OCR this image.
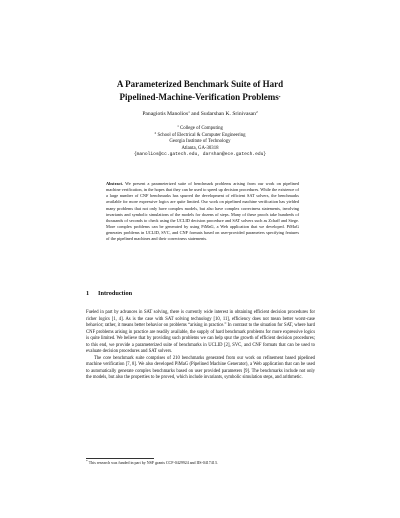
A Parameterized Benchmark Suite of Hard
Pipelined-Machine-Verification Problems*
Panagiotis Manolios$^1$ and Sudarshan K. Srinivasan$^2$
$^1$ College of Computing
$^2$ School of Electrical & Computer Engineering
Georgia Institute of Technology
Atlanta, GA-30318
{manolios@cc.gatech.edu, darshan@ece.gatech.edu}
Abstract. We present a parameterized suite of benchmark problems arising from our work on pipelined machine verification, in the hopes that they can be used to speed up decision procedures. While the existence of a large number of CNF benchmarks has spurred the development of efficient SAT solvers, the benchmarks available for more expressive logics are quite limited. Our work on pipelined machine verification has yielded many problems that not only have complex models, but also have complex correctness statements, involving invariants and symbolic simulations of the models for dozens of steps. Many of these proofs take hundreds of thousands of seconds to check using the UCLID decision procedure and SAT solvers such as Zchaff and Siege. More complex problems can be generated by using PiMaG, a Web application that we developed. PiMaG generates problems in UCLID, SVC, and CNF formats based on user-provided parameters specifying features of the pipelined machines and their correctness statements.
1 Introduction

Fueled in part by advances in SAT solving, there is currently wide interest in obtaining efficient decision procedures for richer logics [1, 4]. As is the case with SAT solving technology [10, 11], efficiency does not mean better worst-case behavior; rather, it means better behavior on problems “arising in practice.” In contrast to the situation for SAT, where hard CNF problems arising in practice are readily available, the supply of hard benchmark problems for more expressive logics is quite limited. We believe that by providing such problems we can help spur the growth of efficient decision procedures; to this end, we provide a parameterized suite of benchmarks in UCLID [2], SVC, and CNF formats that can be used to evaluate decision procedures and SAT solvers.

The core benchmark suite comprises of 210 benchmarks generated from our work on refinement based pipelined machine verification [7, 8]. We also developed PiMaG (Pipelined Machine Generator), a Web application that can be used to automatically generate complex benchmarks based on user provided parameters [9]. The benchmarks include not only the models, but also the properties to be proved, which include invariants, symbolic simulation steps, and arithmetic.

* This research was funded in part by NSF grants CCF-0429924 and IIS-0417413.
